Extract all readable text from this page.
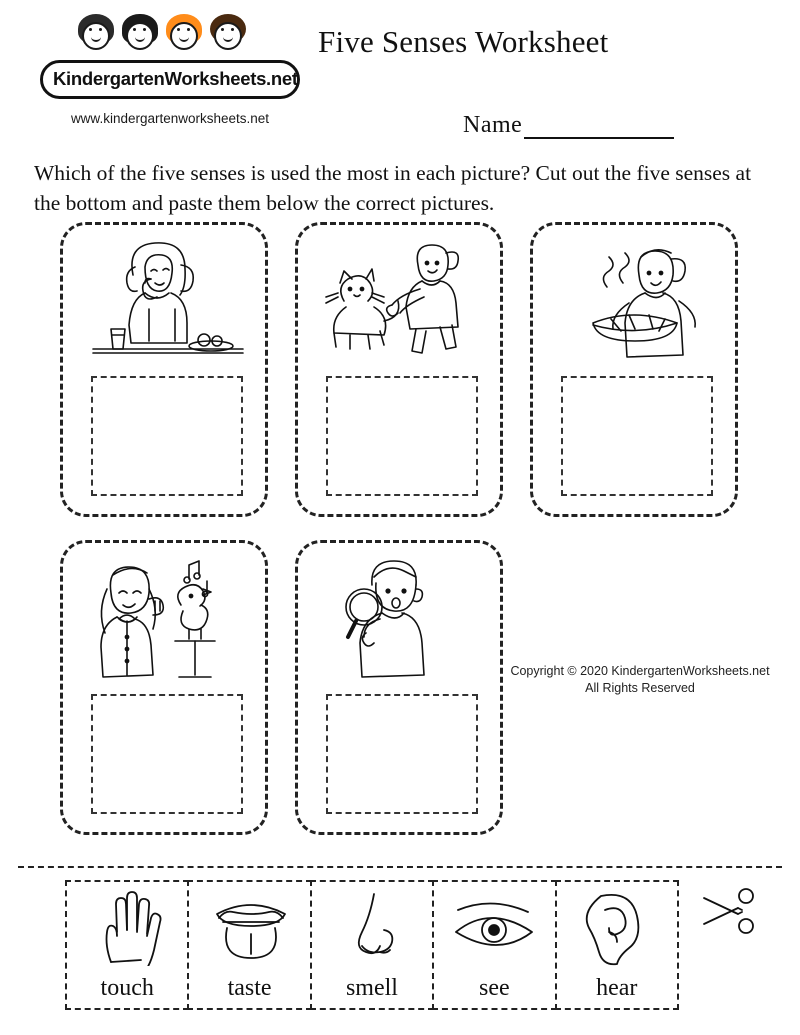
KindergartenWorksheets.net
www.kindergartenworksheets.net
Five Senses Worksheet
Name
Which of the five senses is used the most in each picture? Cut out the five senses at the bottom and paste them below the correct pictures.
Copyright © 2020 KindergartenWorksheets.net
All Rights Reserved
touch	taste	smell	see	hear
